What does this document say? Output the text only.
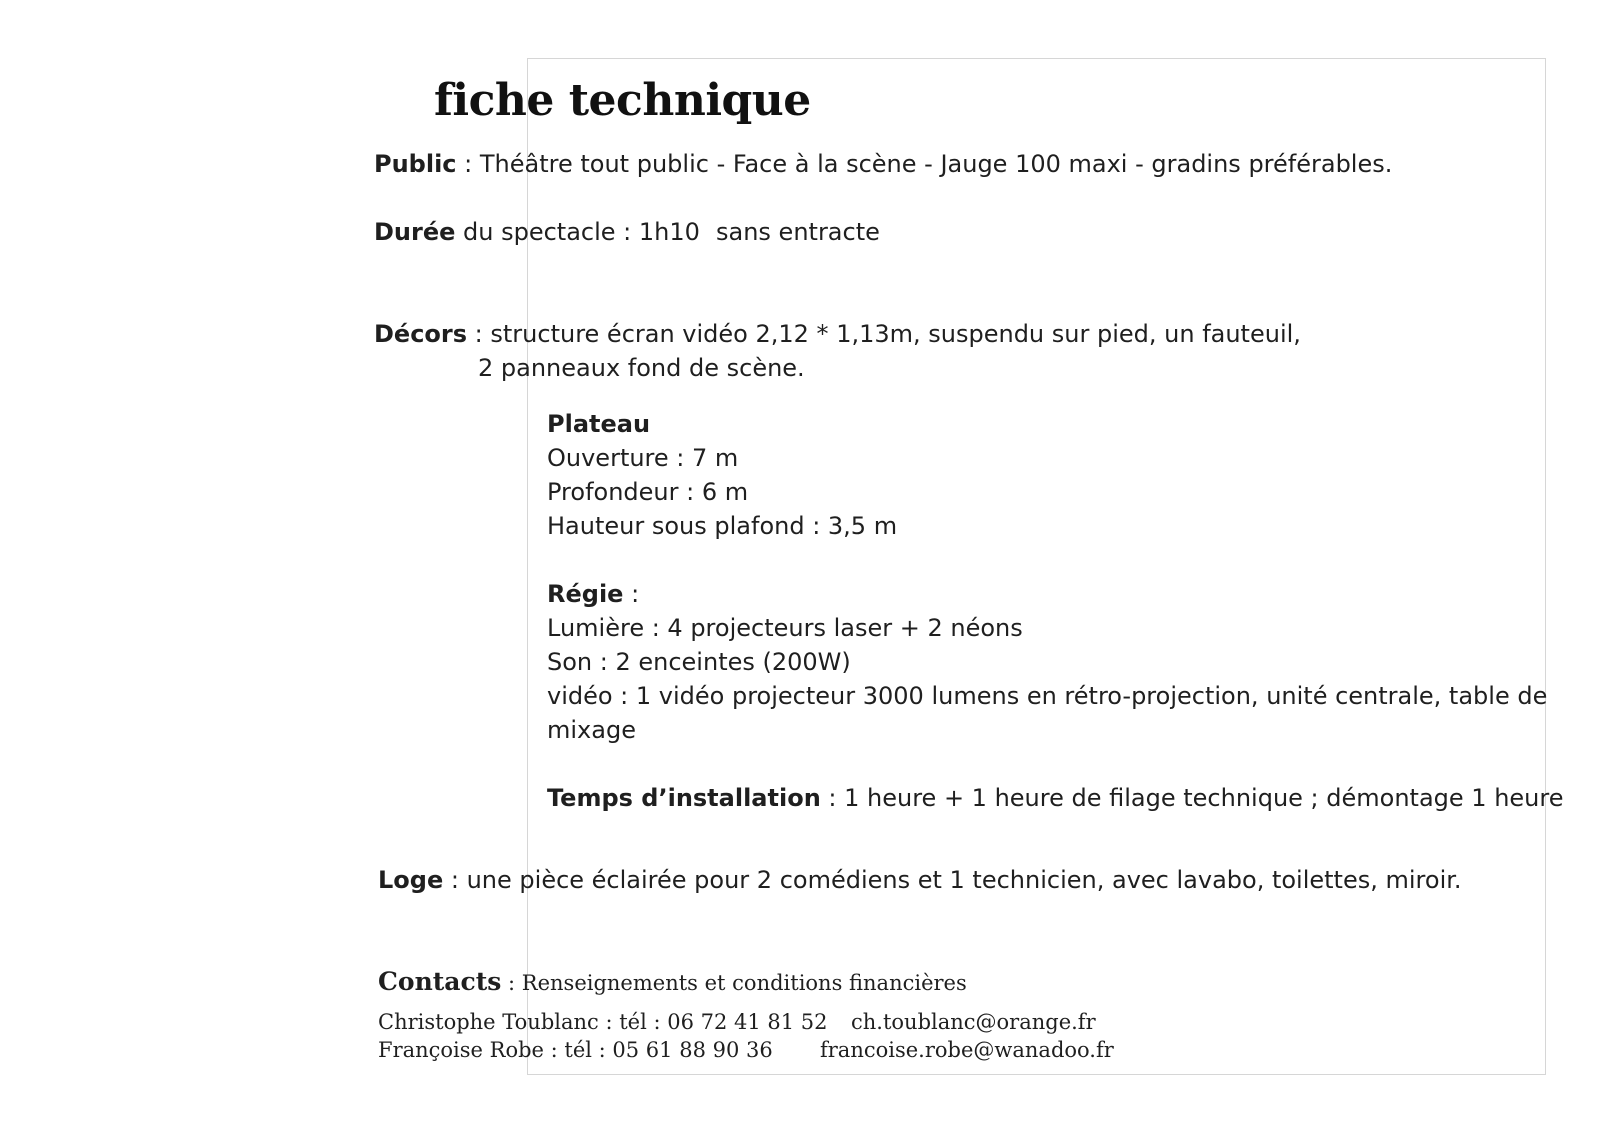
fiche technique
Public : Théâtre tout public - Face à la scène - Jauge 100 maxi - gradins préférables.
Durée du spectacle : 1h10 sans entracte
Décors : structure écran vidéo 2,12 * 1,13m, suspendu sur pied, un fauteuil,
2 panneaux fond de scène.
Plateau
Ouverture : 7 m
Profondeur : 6 m
Hauteur sous plafond : 3,5 m
Régie :
Lumière : 4 projecteurs laser + 2 néons
Son : 2 enceintes (200W)
vidéo : 1 vidéo projecteur 3000 lumens en rétro-projection, unité centrale, table de
mixage
Temps d’installation : 1 heure + 1 heure de filage technique ; démontage 1 heure
Loge : une pièce éclairée pour 2 comédiens et 1 technicien, avec lavabo, toilettes, miroir.
Contacts : Renseignements et conditions financières
Christophe Toublanc : tél : 06 72 41 81 52 ch.toublanc@orange.fr
Françoise Robe : tél : 05 61 88 90 36 francoise.robe@wanadoo.fr
